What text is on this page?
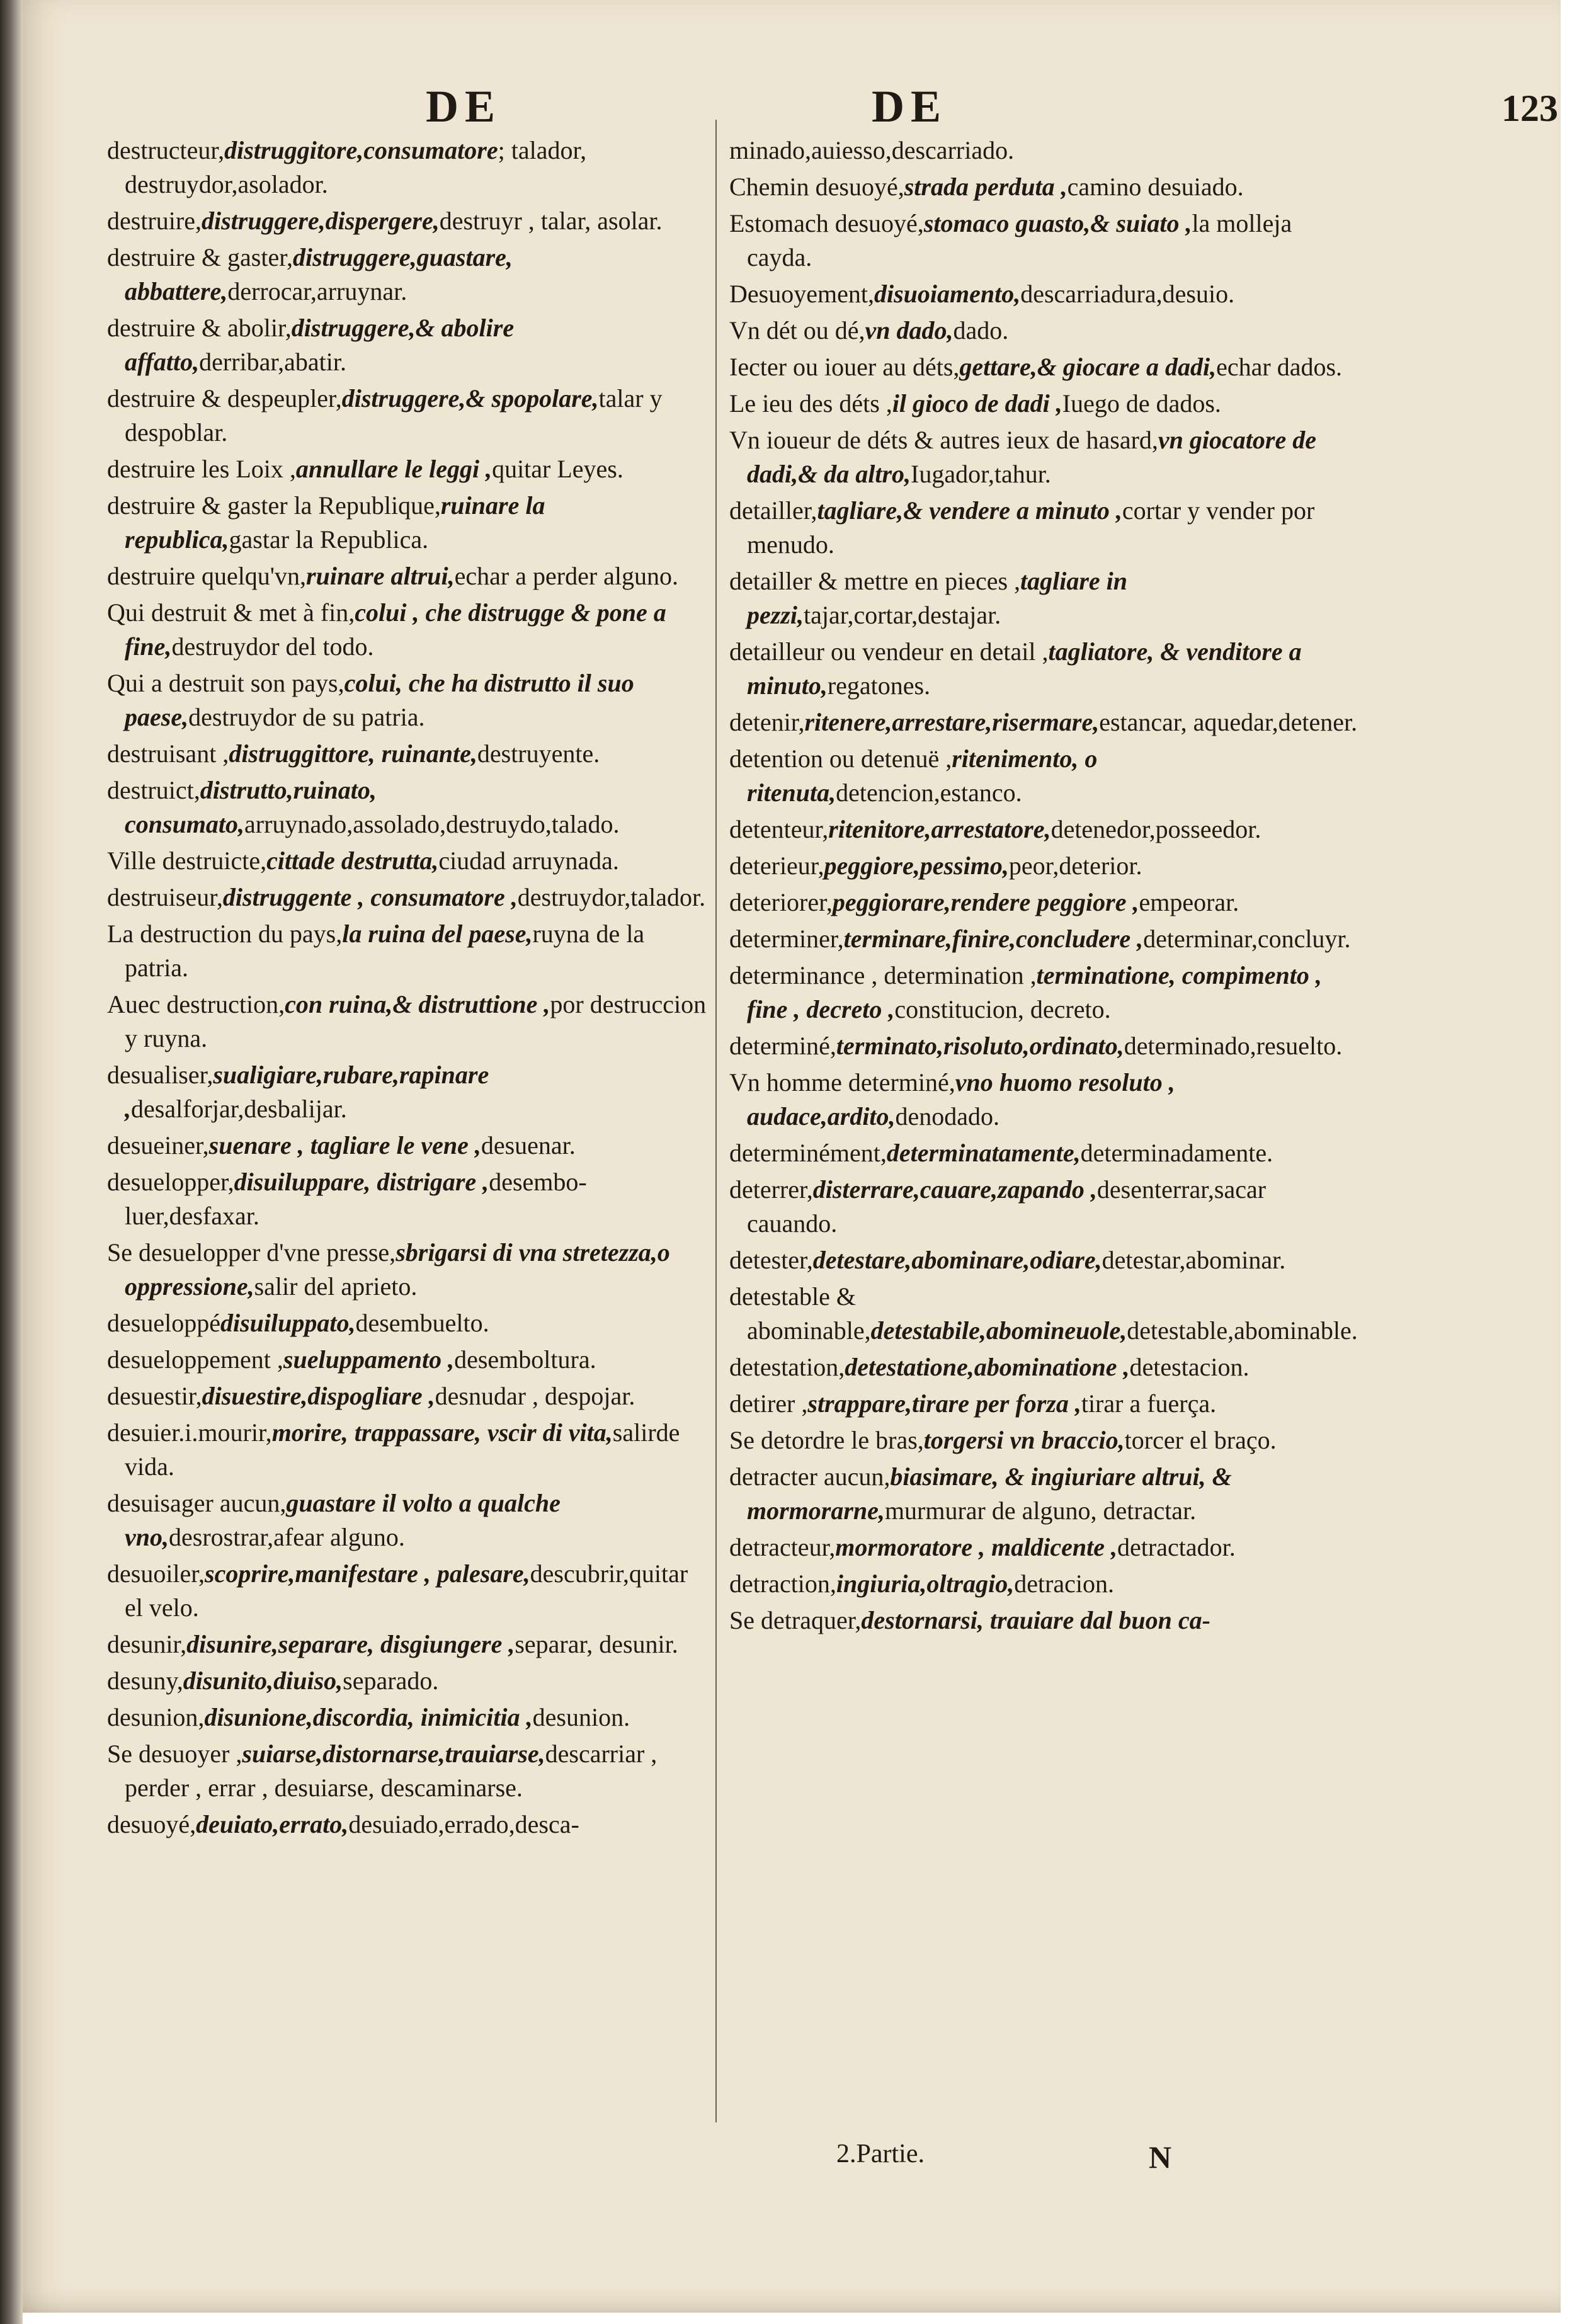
DE	DE	123
destructeur,distruggitore,consumatore; talador, destruydor,asolador.
destruire,distruggere,dispergere,destruyr , talar, asolar.
destruire & gaster,distruggere,guastare, abbattere,derrocar,arruynar.
destruire & abolir,distruggere,& abolire affatto,derribar,abatir.
destruire & despeupler,distruggere,& spopolare,talar y despoblar.
destruire les Loix ,annullare le leggi ,quitar Leyes.
destruire & gaster la Republique,ruinare la republica,gastar la Republica.
destruire quelqu'vn,ruinare altrui,echar a perder alguno.
Qui destruit & met à fin,colui , che distrugge & pone a fine,destruydor del todo.
Qui a destruit son pays,colui, che ha distrutto il suo paese,destruydor de su patria.
destruisant ,distruggittore, ruinante,destruyente.
destruict,distrutto,ruinato, consumato,arruynado,assolado,destruydo,talado.
Ville destruicte,cittade destrutta,ciudad arruynada.
destruiseur,distruggente , consumatore ,destruydor,talador.
La destruction du pays,la ruina del paese,ruyna de la patria.
Auec destruction,con ruina,& distruttione ,por destruccion y ruyna.
desualiser,sualigiare,rubare,rapinare ,desalforjar,desbalijar.
desueiner,suenare , tagliare le vene ,desuenar.
desuelopper,disuiluppare, distrigare ,desembo-luer,desfaxar.
Se desuelopper d'vne presse,sbrigarsi di vna stretezza,o oppressione,salir del aprieto.
desueloppédisuiluppato,desembuelto.
desueloppement ,sueluppamento ,desemboltura.
desuestir,disuestire,dispogliare ,desnudar , despojar.
desuier.i.mourir,morire, trappassare, vscir di vita,salirde vida.
desuisager aucun,guastare il volto a qualche vno,desrostrar,afear alguno.
desuoiler,scoprire,manifestare , palesare,descubrir,quitar el velo.
desunir,disunire,separare, disgiungere ,separar, desunir.
desuny,disunito,diuiso,separado.
desunion,disunione,discordia, inimicitia ,desunion.
Se desuoyer ,suiarse,distornarse,trauiarse,descarriar , perder , errar , desuiarse, descaminarse.
desuoyé,deuiato,errato,desuiado,errado,desca-
minado,auiesso,descarriado.
Chemin desuoyé,strada perduta ,camino desuiado.
Estomach desuoyé,stomaco guasto,& suiato ,la molleja cayda.
Desuoyement,disuoiamento,descarriadura,desuio.
Vn dét ou dé,vn dado,dado.
Iecter ou iouer au déts,gettare,& giocare a dadi,echar dados.
Le ieu des déts ,il gioco de dadi ,Iuego de dados.
Vn ioueur de déts & autres ieux de hasard,vn giocatore de dadi,& da altro,Iugador,tahur.
detailler,tagliare,& vendere a minuto ,cortar y vender por menudo.
detailler & mettre en pieces ,tagliare in pezzi,tajar,cortar,destajar.
detailleur ou vendeur en detail ,tagliatore, & venditore a minuto,regatones.
detenir,ritenere,arrestare,risermare,estancar, aquedar,detener.
detention ou detenuë ,ritenimento, o ritenuta,detencion,estanco.
detenteur,ritenitore,arrestatore,detenedor,posseedor.
deterieur,peggiore,pessimo,peor,deterior.
deteriorer,peggiorare,rendere peggiore ,empeorar.
determiner,terminare,finire,concludere ,determinar,concluyr.
determinance , determination ,terminatione, compimento , fine , decreto ,constitucion, decreto.
determiné,terminato,risoluto,ordinato,determinado,resuelto.
Vn homme determiné,vno huomo resoluto , audace,ardito,denodado.
determinément,determinatamente,determinadamente.
deterrer,disterrare,cauare,zapando ,desenterrar,sacar cauando.
detester,detestare,abominare,odiare,detestar,abominar.
detestable & abominable,detestabile,abomineuole,detestable,abominable.
detestation,detestatione,abominatione ,detestacion.
detirer ,strappare,tirare per forza ,tirar a fuerça.
Se detordre le bras,torgersi vn braccio,torcer el braço.
detracter aucun,biasimare, & ingiuriare altrui, & mormorarne,murmurar de alguno, detractar.
detracteur,mormoratore , maldicente ,detractador.
detraction,ingiuria,oltragio,detracion.
Se detraquer,destornarsi, trauiare dal buon ca-
2.Partie.	N
